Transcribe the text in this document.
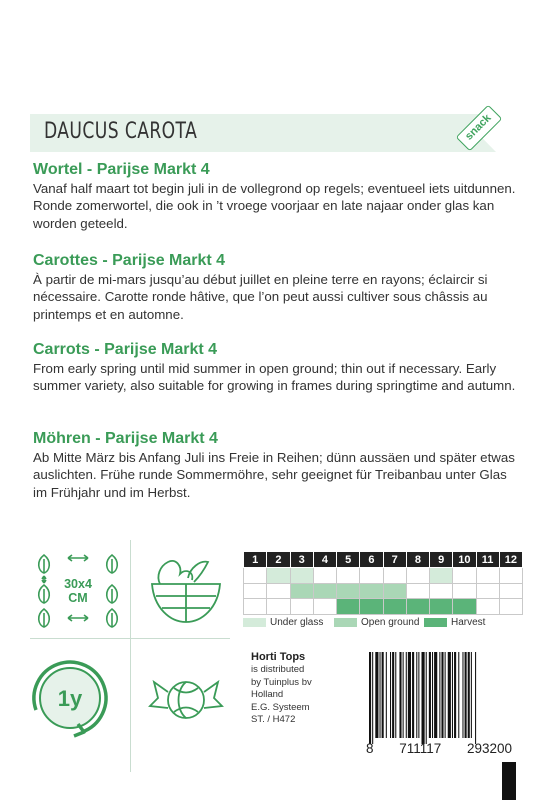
DAUCUS CAROTA	snack
Wortel - Parijse Markt 4

Vanaf half maart tot begin juli in de vollegrond op regels; eventueel iets uitdunnen. Ronde zomerwortel, die ook in ’t vroege voorjaar en late najaar onder glas kan worden geteeld.

Carottes - Parijse Markt 4

À partir de mi-mars jusqu’au début juillet en pleine terre en rayons; éclaircir si nécessaire. Carotte ronde hâtive, que l’on peut aussi cultiver sous châssis au printemps et en automne.

Carrots - Parijse Markt 4

From early spring until mid summer in open ground; thin out if necessary. Early summer variety, also suitable for growing in frames during springtime and autumn.

Möhren - Parijse Markt 4

Ab Mitte März bis Anfang Juli ins Freie in Reihen; dünn aussäen und später etwas auslichten. Frühe runde Sommermöhre, sehr geeignet für Treibanbau unter Glas im Frühjahr und im Herbst.

30x4
CM
1y
1	2	3	4	5	6	7	8	9	10	11	12

Under glass	Open ground	Harvest
Horti Tops
is distributed
by Tuinplus bv
Holland
E.G. Systeem
ST. / H472
8 711117 293200
